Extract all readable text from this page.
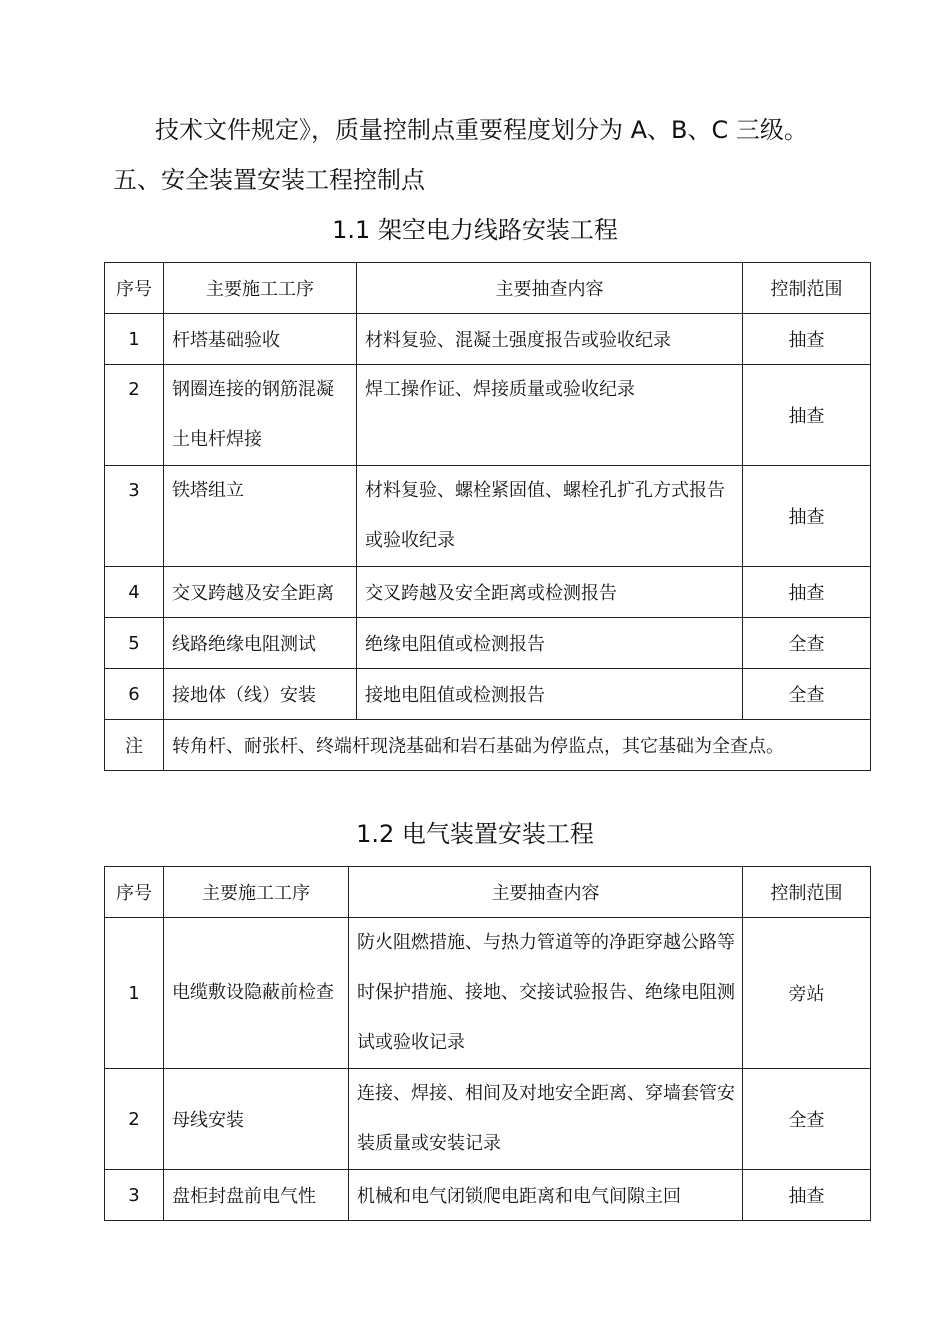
技术文件规定》，质量控制点重要程度划分为 A、B、C 三级。
五、安全装置安装工程控制点
1.1 架空电力线路安装工程
序号	主要施工工序	主要抽查内容	控制范围
1	杆塔基础验收	材料复验、混凝土强度报告或验收纪录	抽查
2	钢圈连接的钢筋混凝土电杆焊接	焊工操作证、焊接质量或验收纪录	抽查
3	铁塔组立	材料复验、螺栓紧固值、螺栓孔扩孔方式报告或验收纪录	抽查
4	交叉跨越及安全距离	交叉跨越及安全距离或检测报告	抽查
5	线路绝缘电阻测试	绝缘电阻值或检测报告	全查
6	接地体（线）安装	接地电阻值或检测报告	全查
注	转角杆、耐张杆、终端杆现浇基础和岩石基础为停监点，其它基础为全查点。		
1.2 电气装置安装工程
序号	主要施工工序	主要抽查内容	控制范围
1	电缆敷设隐蔽前检查	防火阻燃措施、与热力管道等的净距穿越公路等时保护措施、接地、交接试验报告、绝缘电阻测试或验收记录	旁站
2	母线安装	连接、焊接、相间及对地安全距离、穿墙套管安装质量或安装记录	全查
3	盘柜封盘前电气性	机械和电气闭锁爬电距离和电气间隙主回	抽查
